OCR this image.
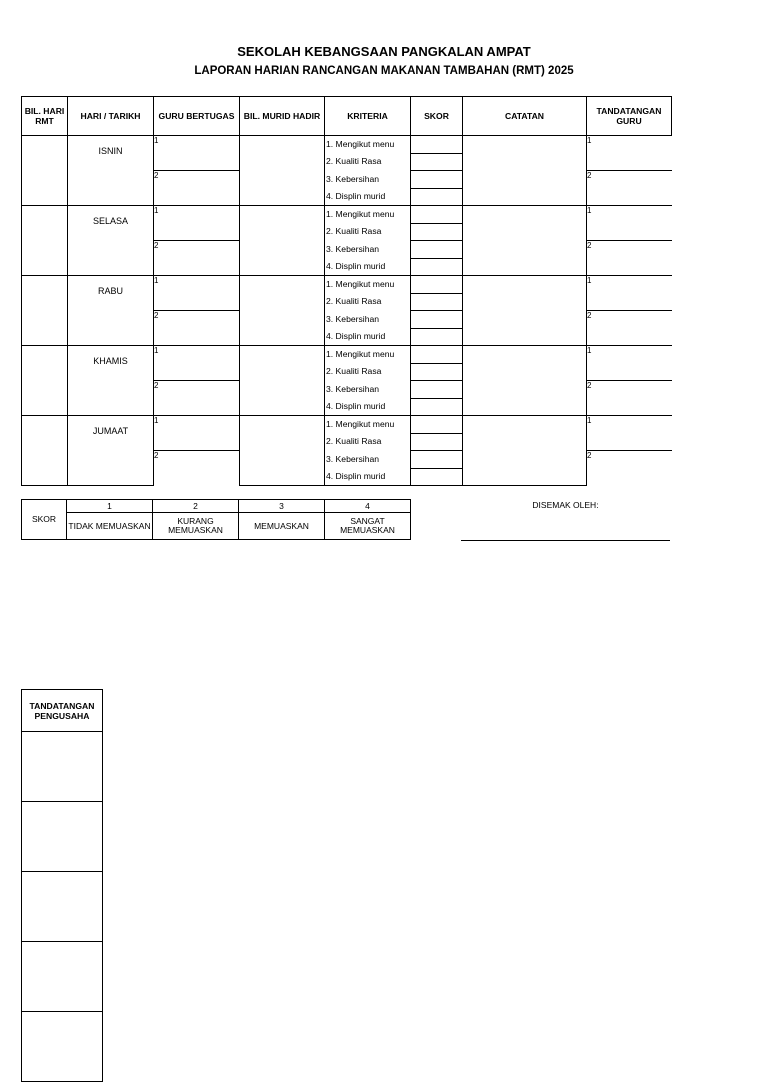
SEKOLAH KEBANGSAAN PANGKALAN AMPAT
LAPORAN HARIAN RANCANGAN MAKANAN TAMBAHAN (RMT) 2025
BIL. HARI RMT	HARI / TARIKH	GURU BERTUGAS	BIL. MURID HADIR	KRITERIA	SKOR	CATATAN	TANDATANGAN GURU

	ISNIN	1		1. Mengikut menu			1

				2. Kualiti Rasa			

		2		3. Kebersihan			2

				4. Displin murid			

	SELASA	1		1. Mengikut menu			1

				2. Kualiti Rasa			

		2		3. Kebersihan			2

				4. Displin murid			

	RABU	1		1. Mengikut menu			1

				2. Kualiti Rasa			

		2		3. Kebersihan			2

				4. Displin murid			

	KHAMIS	1		1. Mengikut menu			1

				2. Kualiti Rasa			

		2		3. Kebersihan			2

				4. Displin murid			

	JUMAAT	1		1. Mengikut menu			1

				2. Kualiti Rasa			

		2		3. Kebersihan			2

				4. Displin murid			

SKOR	1	2	3	4
	TIDAK MEMUASKAN	KURANG MEMUASKAN	MEMUASKAN	SANGAT MEMUASKAN
DISEMAK OLEH:
TANDATANGAN PENGUSAHA
